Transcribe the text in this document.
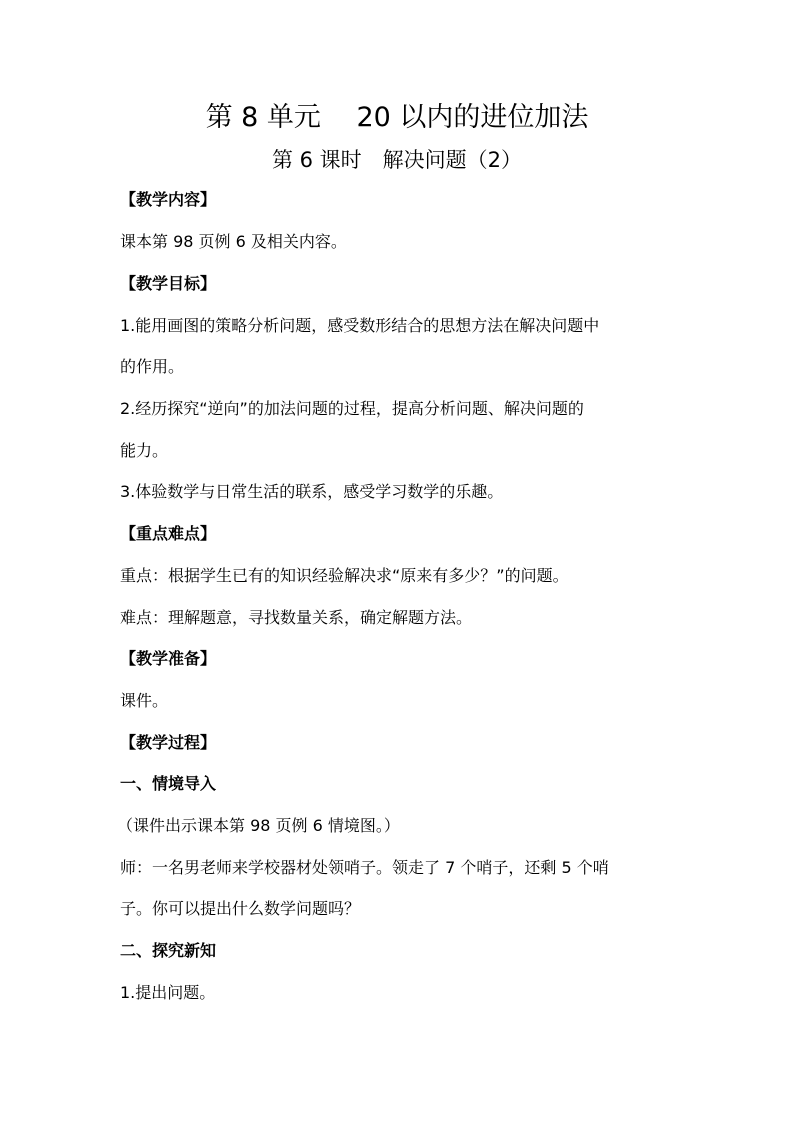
第 8 单元　 20 以内的进位加法
第 6 课时　解决问题（2）
【教学内容】
课本第 98 页例 6 及相关内容。
【教学目标】
1.能用画图的策略分析问题，感受数形结合的思想方法在解决问题中
的作用。
2.经历探究“逆向”的加法问题的过程，提高分析问题、解决问题的
能力。
3.体验数学与日常生活的联系，感受学习数学的乐趣。
【重点难点】
重点：根据学生已有的知识经验解决求“原来有多少？”的问题。
难点：理解题意，寻找数量关系，确定解题方法。
【教学准备】
课件。
【教学过程】
一、情境导入
（课件出示课本第 98 页例 6 情境图。）
师：一名男老师来学校器材处领哨子。领走了 7 个哨子，还剩 5 个哨
子。你可以提出什么数学问题吗？
二、探究新知
1.提出问题。
